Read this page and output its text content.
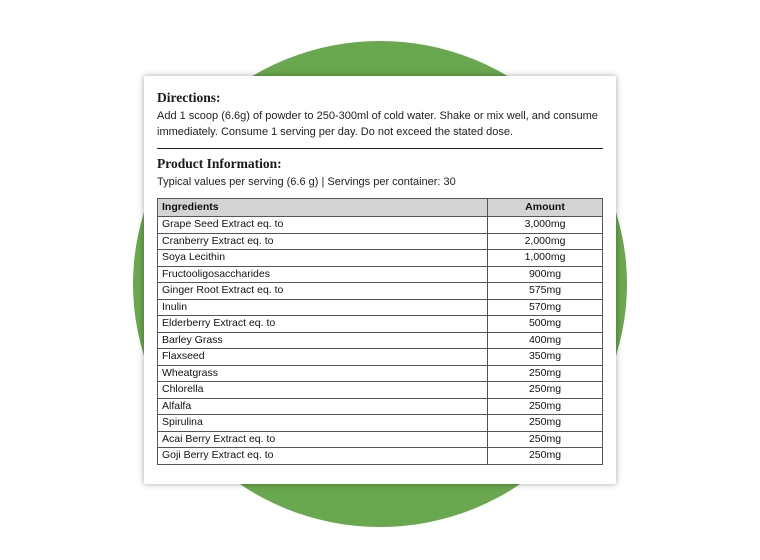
Directions:
Add 1 scoop (6.6g) of powder to 250-300ml of cold water. Shake or mix well, and consume
immediately. Consume 1 serving per day. Do not exceed the stated dose.
Product Information:
Typical values per serving (6.6 g) | Servings per container: 30
Ingredients	Amount
Grape Seed Extract eq. to	3,000mg
Cranberry Extract eq. to	2,000mg
Soya Lecithin	1,000mg
Fructooligosaccharides	900mg
Ginger Root Extract eq. to	575mg
Inulin	570mg
Elderberry Extract eq. to	500mg
Barley Grass	400mg
Flaxseed	350mg
Wheatgrass	250mg
Chlorella	250mg
Alfalfa	250mg
Spirulina	250mg
Acai Berry Extract eq. to	250mg
Goji Berry Extract eq. to	250mg
